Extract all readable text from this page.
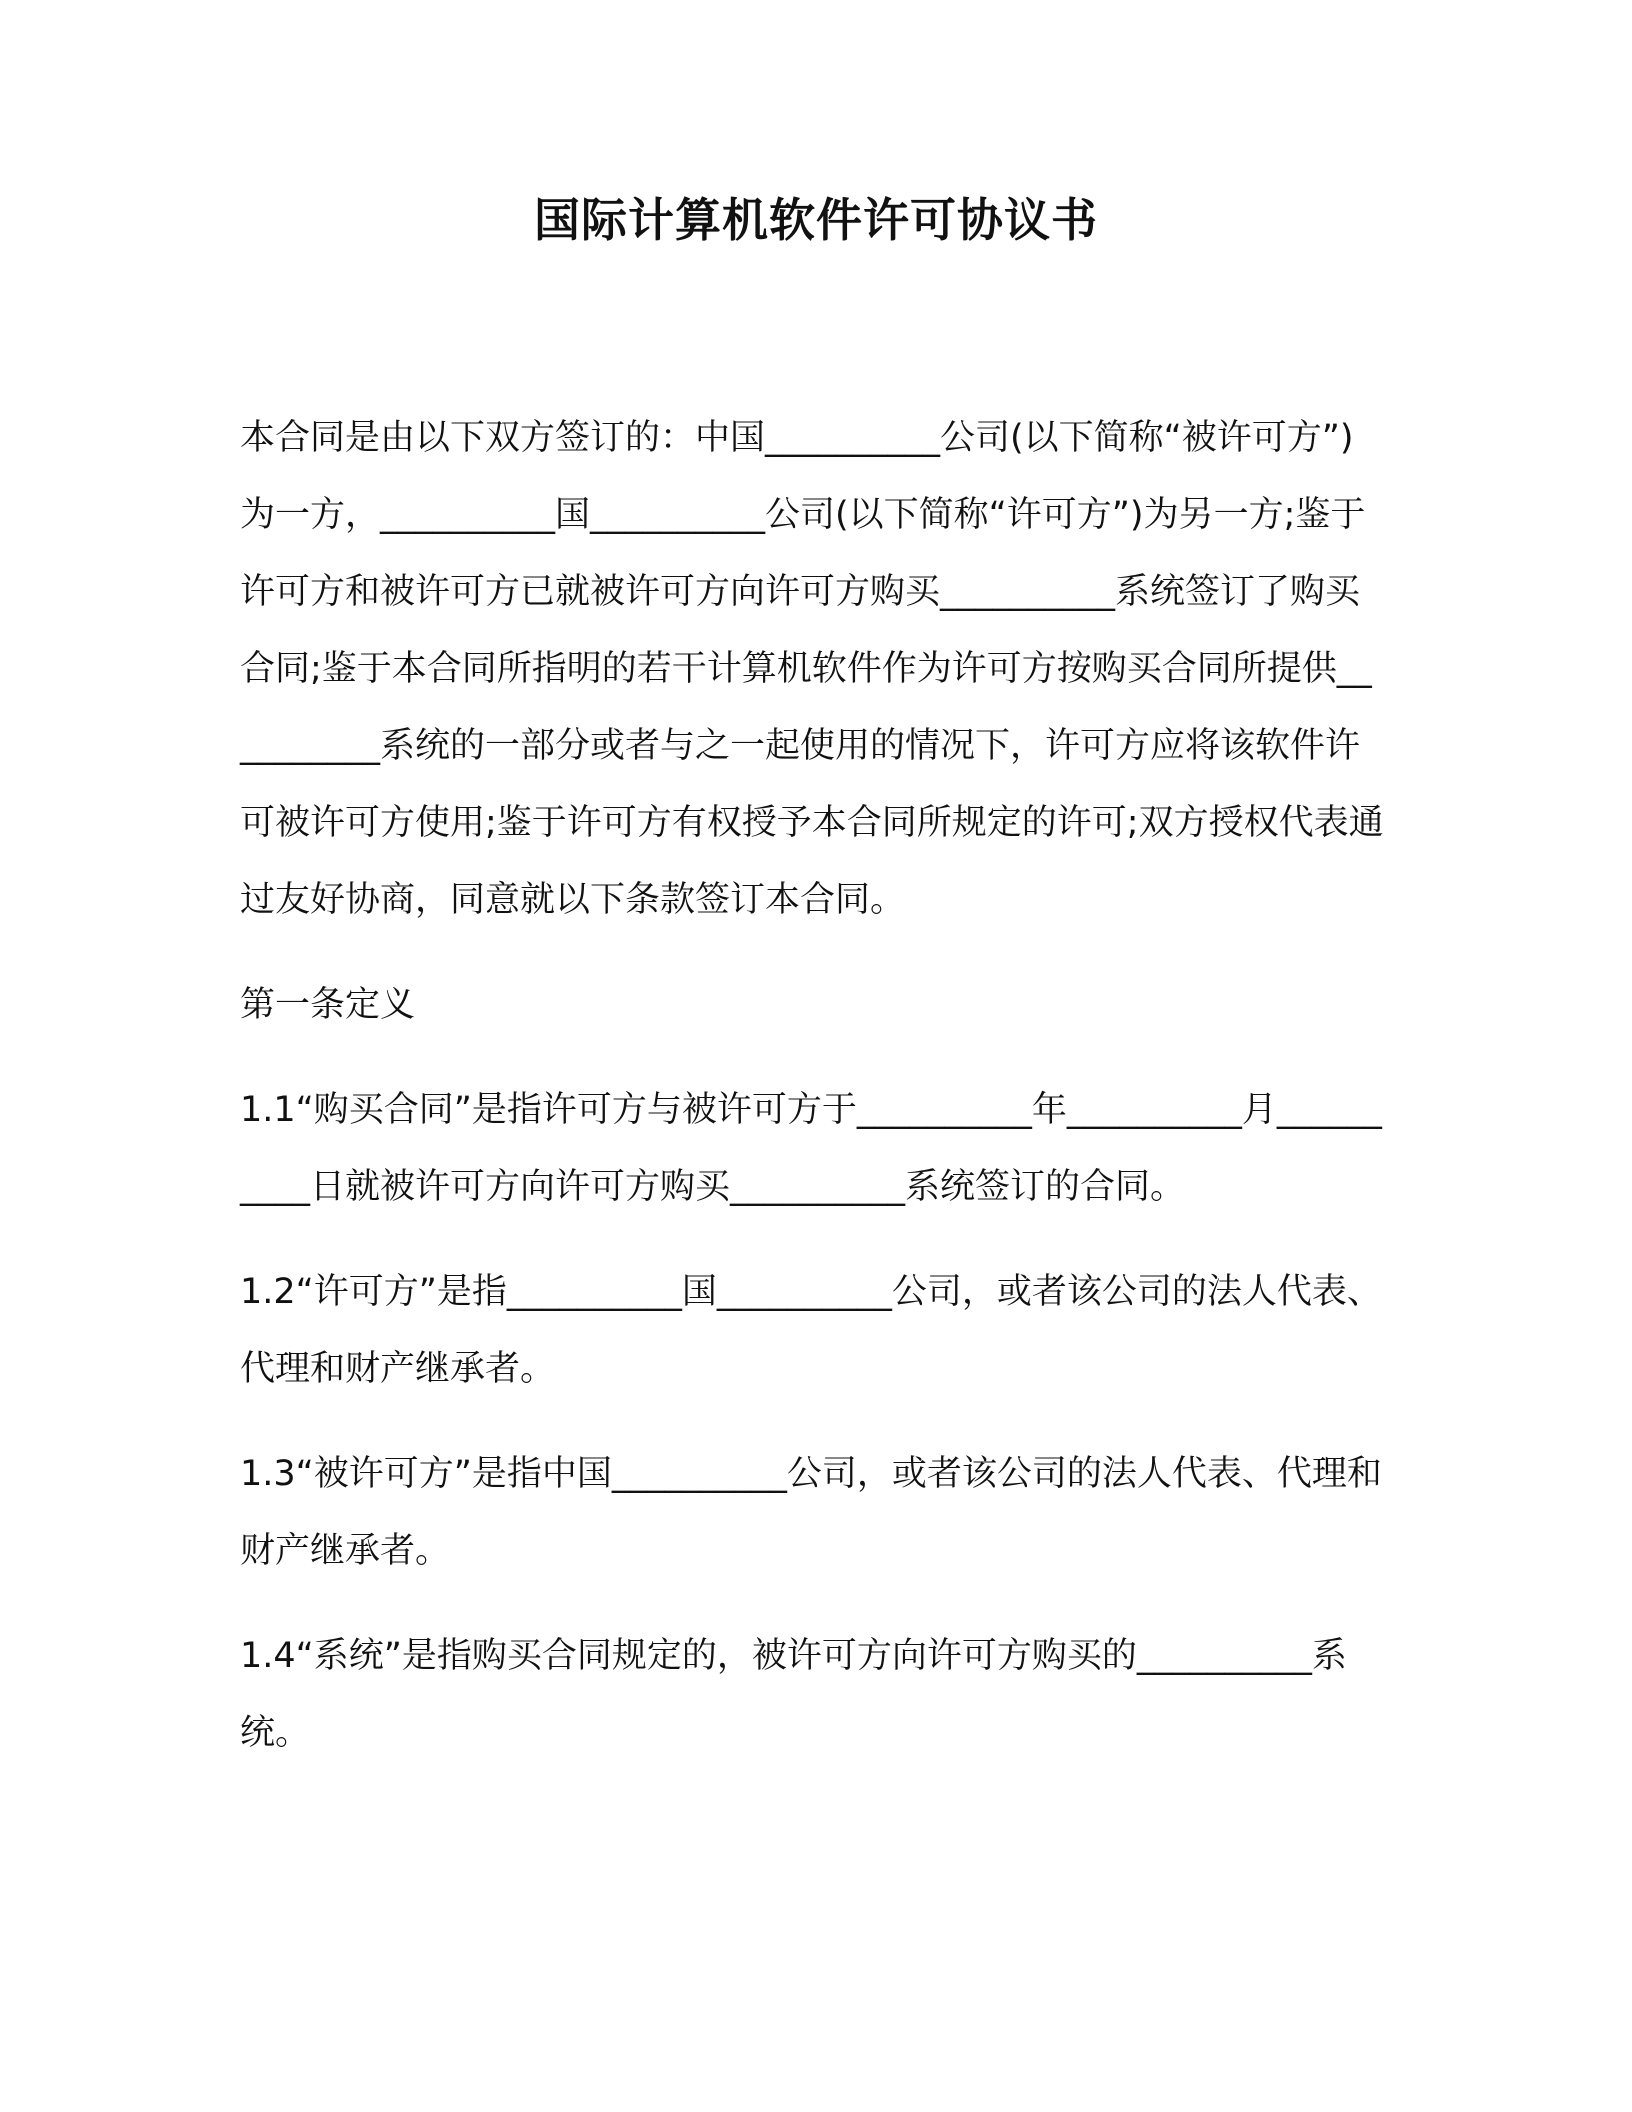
国际计算机软件许可协议书

本合同是由以下双方签订的：中国__________公司(以下简称“被许可方”)为一方，__________国__________公司(以下简称“许可方”)为另一方;鉴于许可方和被许可方已就被许可方向许可方购买__________系统签订了购买合同;鉴于本合同所指明的若干计算机软件作为许可方按购买合同所提供__________系统的一部分或者与之一起使用的情况下，许可方应将该软件许可被许可方使用;鉴于许可方有权授予本合同所规定的许可;双方授权代表通过友好协商，同意就以下条款签订本合同。

第一条定义

1.1“购买合同”是指许可方与被许可方于__________年__________月__________日就被许可方向许可方购买__________系统签订的合同。

1.2“许可方”是指__________国__________公司，或者该公司的法人代表、代理和财产继承者。

1.3“被许可方”是指中国__________公司，或者该公司的法人代表、代理和财产继承者。

1.4“系统”是指购买合同规定的，被许可方向许可方购买的__________系统。
